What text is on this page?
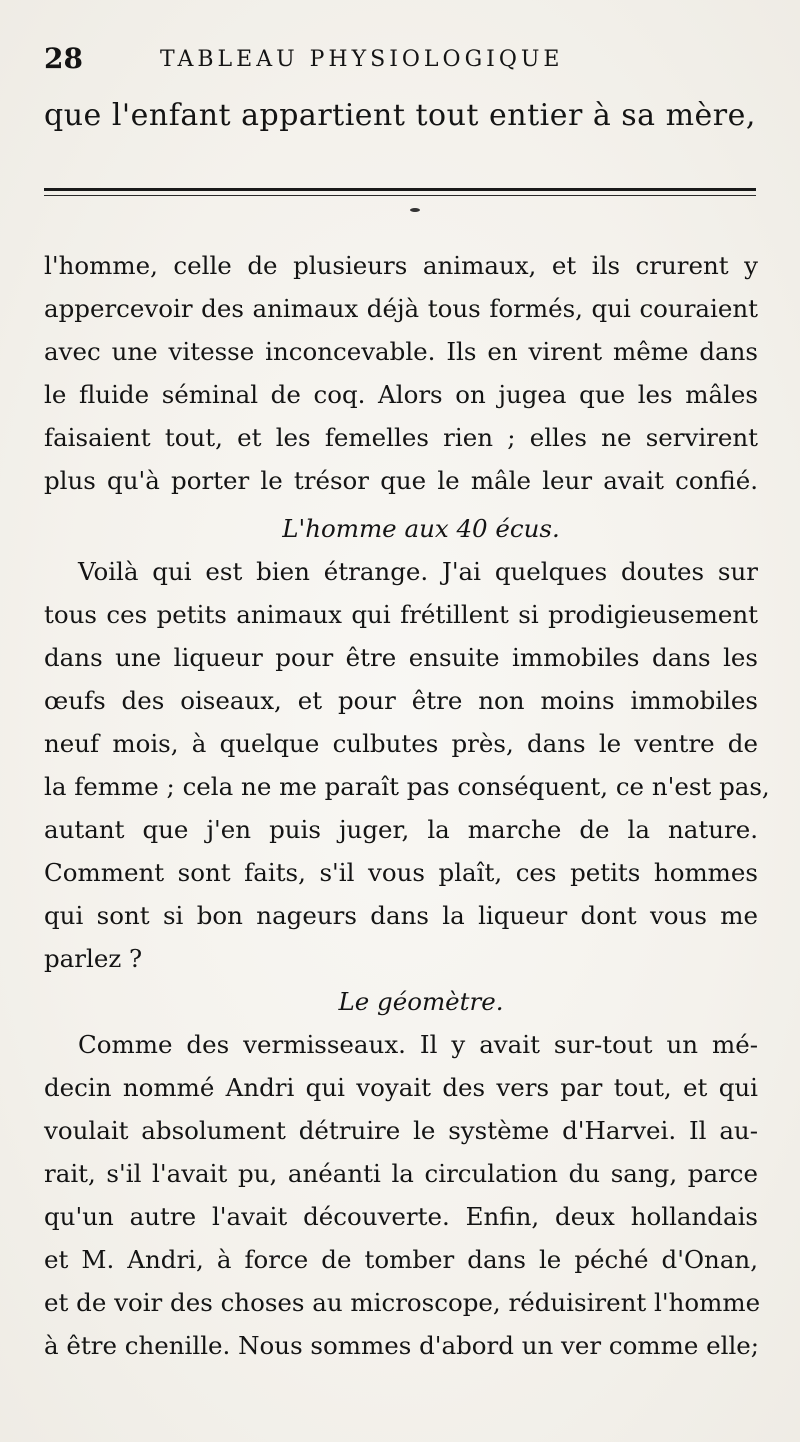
28	TABLEAU PHYSIOLOGIQUE
que l'enfant appartient tout entier à sa mère,
l'homme, celle de plusieurs animaux, et ils crurent y
appercevoir des animaux déjà tous formés, qui couraient
avec une vitesse inconcevable. Ils en virent même dans
le fluide séminal de coq. Alors on jugea que les mâles
faisaient tout, et les femelles rien ; elles ne servirent
plus qu'à porter le trésor que le mâle leur avait confié.
L'homme aux 40 écus.
Voilà qui est bien étrange. J'ai quelques doutes sur
tous ces petits animaux qui frétillent si prodigieusement
dans une liqueur pour être ensuite immobiles dans les
œufs des oiseaux, et pour être non moins immobiles
neuf mois, à quelque culbutes près, dans le ventre de
la femme ; cela ne me paraît pas conséquent, ce n'est pas,
autant que j'en puis juger, la marche de la nature.
Comment sont faits, s'il vous plaît, ces petits hommes
qui sont si bon nageurs dans la liqueur dont vous me
parlez ?
Le géomètre.
Comme des vermisseaux. Il y avait sur-tout un mé-
decin nommé Andri qui voyait des vers par tout, et qui
voulait absolument détruire le système d'Harvei. Il au-
rait, s'il l'avait pu, anéanti la circulation du sang, parce
qu'un autre l'avait découverte. Enfin, deux hollandais
et M. Andri, à force de tomber dans le péché d'Onan,
et de voir des choses au microscope, réduisirent l'homme
à être chenille. Nous sommes d'abord un ver comme elle;
